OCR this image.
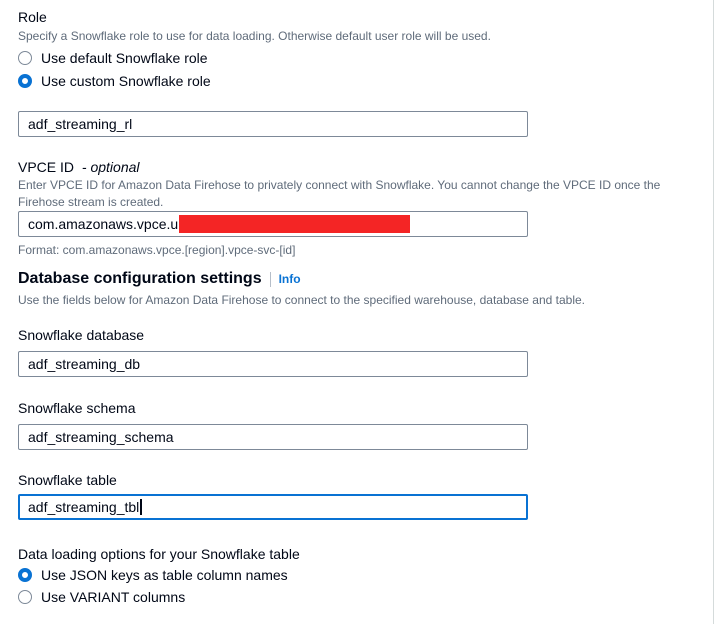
Role
Specify a Snowflake role to use for data loading. Otherwise default user role will be used.
Use default Snowflake role
Use custom Snowflake role
adf_streaming_rl
VPCE ID - optional
Enter VPCE ID for Amazon Data Firehose to privately connect with Snowflake. You cannot change the VPCE ID once the Firehose stream is created.
com.amazonaws.vpce.u
Format: com.amazonaws.vpce.[region].vpce-svc-[id]
Database configuration settings Info
Use the fields below for Amazon Data Firehose to connect to the specified warehouse, database and table.
Snowflake database
adf_streaming_db
Snowflake schema
adf_streaming_schema
Snowflake table
adf_streaming_tbl
Data loading options for your Snowflake table
Use JSON keys as table column names
Use VARIANT columns
